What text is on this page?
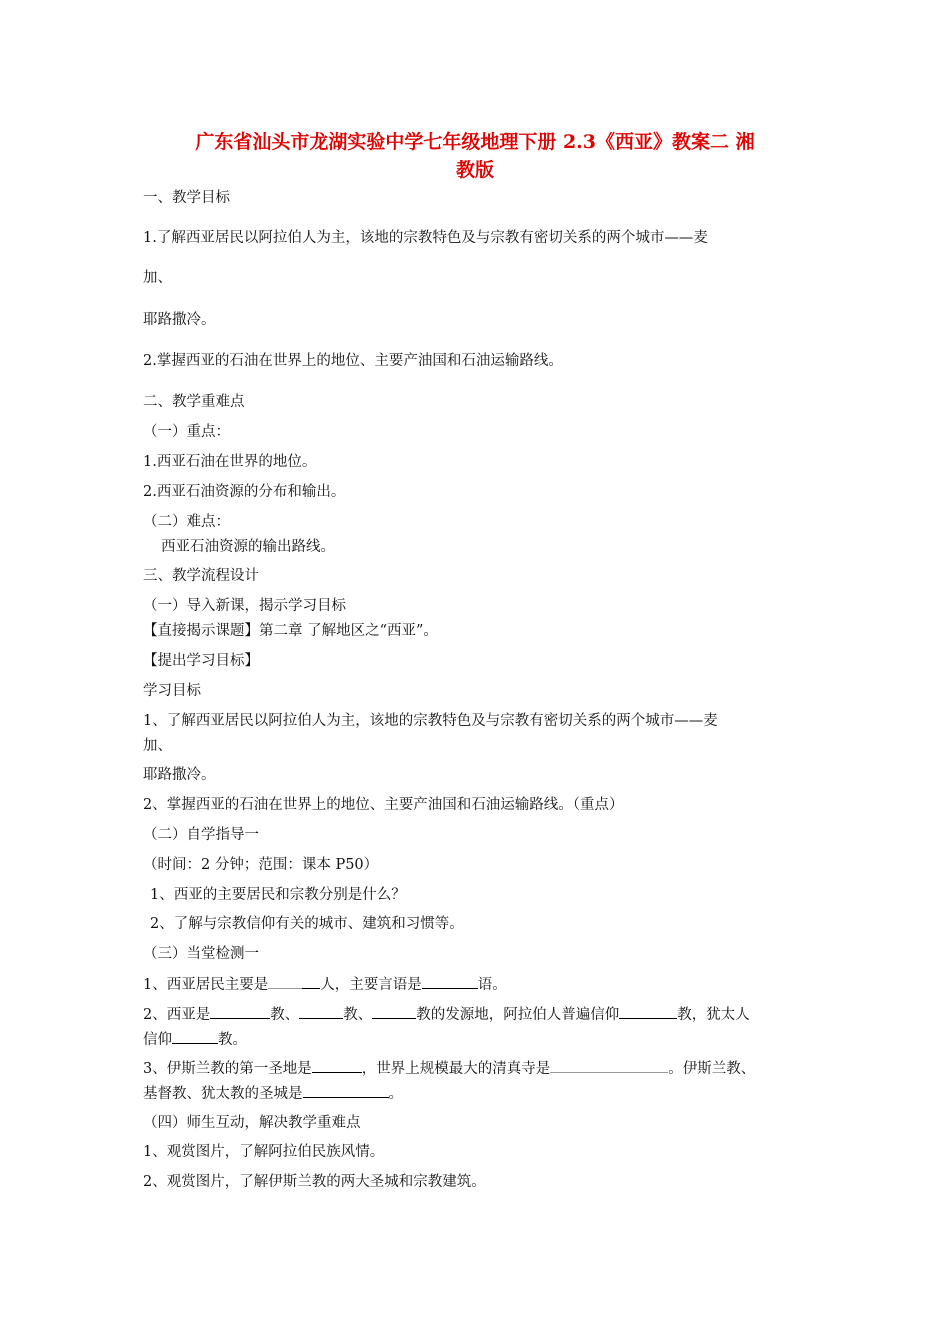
广东省汕头市龙湖实验中学七年级地理下册 2.3《西亚》教案二 湘
教版
一、教学目标
1.了解西亚居民以阿拉伯人为主，该地的宗教特色及与宗教有密切关系的两个城市——麦
加、
耶路撒冷。
2.掌握西亚的石油在世界上的地位、主要产油国和石油运输路线。
二、教学重难点
（一）重点：
1.西亚石油在世界的地位。
2.西亚石油资源的分布和输出。
（二）难点：
西亚石油资源的输出路线。
三、教学流程设计
（一）导入新课，揭示学习目标
【直接揭示课题】第二章 了解地区之“西亚”。
【提出学习目标】
学习目标
1、了解西亚居民以阿拉伯人为主，该地的宗教特色及与宗教有密切关系的两个城市——麦
加、
耶路撒冷。
2、掌握西亚的石油在世界上的地位、主要产油国和石油运输路线。（重点）
（二）自学指导一
（时间：2 分钟；范围：课本 P50）
1、西亚的主要居民和宗教分别是什么？
2、了解与宗教信仰有关的城市、建筑和习惯等。
（三）当堂检测一
1、西亚居民主要是	人，主要言语是	语。
2、西亚是	教、	教、	教的发源地，阿拉伯人普遍信仰	教，犹太人
信仰	教。
3、伊斯兰教的第一圣地是	，世界上规模最大的清真寺是	。伊斯兰教、
基督教、犹太教的圣城是	。
（四）师生互动，解决教学重难点
1、观赏图片，了解阿拉伯民族风情。
2、观赏图片，了解伊斯兰教的两大圣城和宗教建筑。
